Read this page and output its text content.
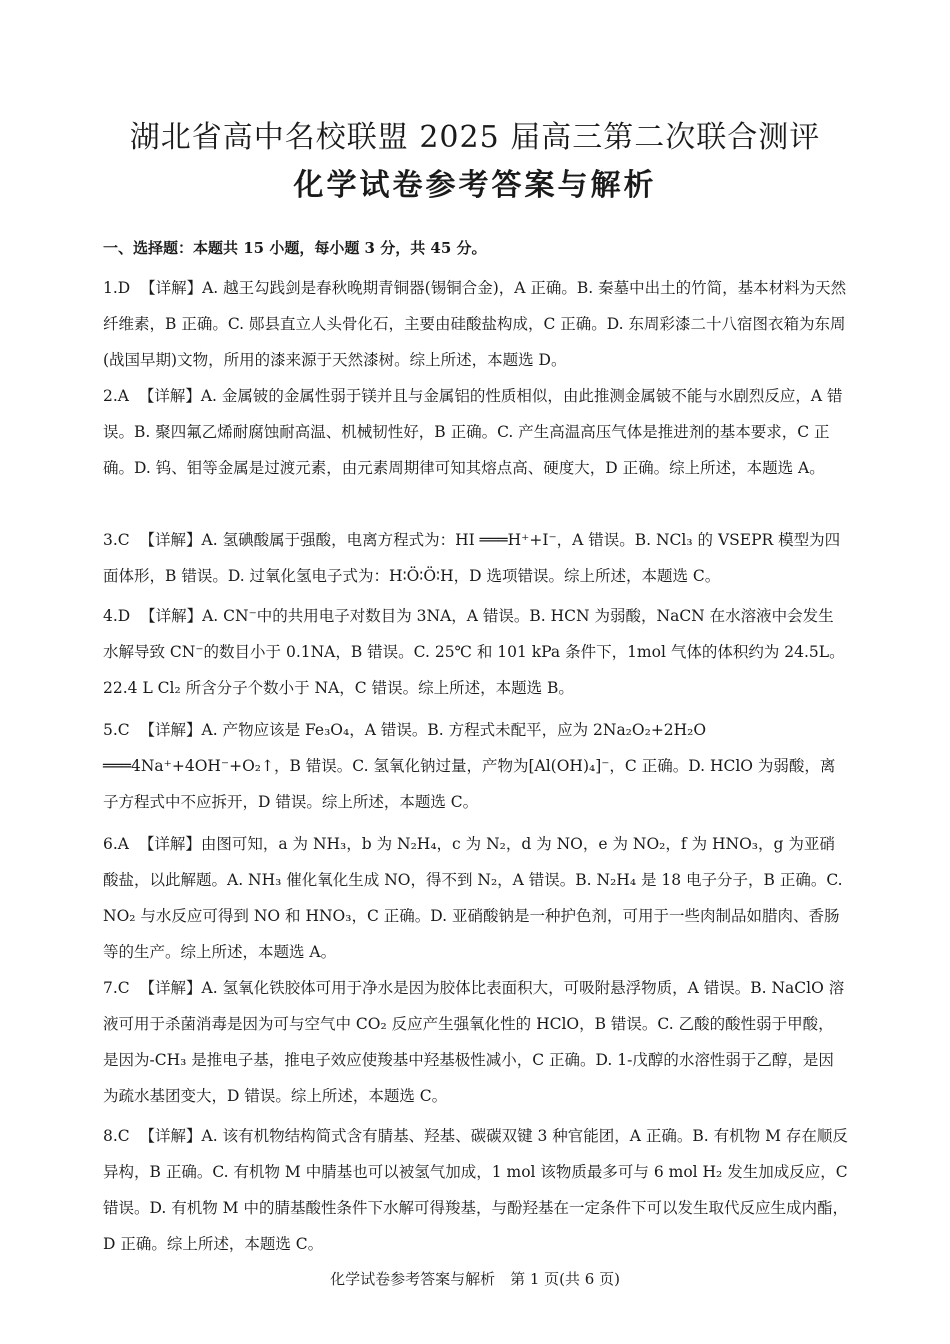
湖北省高中名校联盟 2025 届高三第二次联合测评
化学试卷参考答案与解析
一、选择题：本题共 15 小题，每小题 3 分，共 45 分。

1.D 【详解】A. 越王勾践剑是春秋晚期青铜器(锡铜合金)，A 正确。B. 秦墓中出土的竹简，基本材料为天然纤维素，B 正确。C. 郧县直立人头骨化石，主要由硅酸盐构成，C 正确。D. 东周彩漆二十八宿图衣箱为东周(战国早期)文物，所用的漆来源于天然漆树。综上所述，本题选 D。

2.A 【详解】A. 金属铍的金属性弱于镁并且与金属铝的性质相似，由此推测金属铍不能与水剧烈反应，A 错误。B. 聚四氟乙烯耐腐蚀耐高温、机械韧性好，B 正确。C. 产生高温高压气体是推进剂的基本要求，C 正确。D. 钨、钼等金属是过渡元素，由元素周期律可知其熔点高、硬度大，D 正确。综上所述，本题选 A。

3.C 【详解】A. 氢碘酸属于强酸，电离方程式为：HI ═══H⁺+I⁻，A 错误。B. NCl₃ 的 VSEPR 模型为四面体形，B 错误。D. 过氧化氢电子式为：H∶Ö∶Ö∶H，D 选项错误。综上所述，本题选 C。

4.D 【详解】A. CN⁻中的共用电子对数目为 3NA，A 错误。B. HCN 为弱酸，NaCN 在水溶液中会发生水解导致 CN⁻的数目小于 0.1NA，B 错误。C. 25℃ 和 101 kPa 条件下，1mol 气体的体积约为 24.5L。22.4 L Cl₂ 所含分子个数小于 NA，C 错误。综上所述，本题选 B。

5.C 【详解】A. 产物应该是 Fe₃O₄，A 错误。B. 方程式未配平，应为 2Na₂O₂+2H₂O ═══4Na⁺+4OH⁻+O₂↑，B 错误。C. 氢氧化钠过量，产物为[Al(OH)₄]⁻，C 正确。D. HClO 为弱酸，离子方程式中不应拆开，D 错误。综上所述，本题选 C。

6.A 【详解】由图可知，a 为 NH₃，b 为 N₂H₄，c 为 N₂，d 为 NO，e 为 NO₂，f 为 HNO₃，g 为亚硝酸盐，以此解题。A. NH₃ 催化氧化生成 NO，得不到 N₂，A 错误。B. N₂H₄ 是 18 电子分子，B 正确。C. NO₂ 与水反应可得到 NO 和 HNO₃，C 正确。D. 亚硝酸钠是一种护色剂，可用于一些肉制品如腊肉、香肠等的生产。综上所述，本题选 A。

7.C 【详解】A. 氢氧化铁胶体可用于净水是因为胶体比表面积大，可吸附悬浮物质，A 错误。B. NaClO 溶液可用于杀菌消毒是因为可与空气中 CO₂ 反应产生强氧化性的 HClO，B 错误。C. 乙酸的酸性弱于甲酸，是因为-CH₃ 是推电子基，推电子效应使羧基中羟基极性减小，C 正确。D. 1-戊醇的水溶性弱于乙醇，是因为疏水基团变大，D 错误。综上所述，本题选 C。

8.C 【详解】A. 该有机物结构简式含有腈基、羟基、碳碳双键 3 种官能团，A 正确。B. 有机物 M 存在顺反异构，B 正确。C. 有机物 M 中腈基也可以被氢气加成，1 mol 该物质最多可与 6 mol H₂ 发生加成反应，C 错误。D. 有机物 M 中的腈基酸性条件下水解可得羧基，与酚羟基在一定条件下可以发生取代反应生成内酯，D 正确。综上所述，本题选 C。

化学试卷参考答案与解析　第 1 页(共 6 页)
